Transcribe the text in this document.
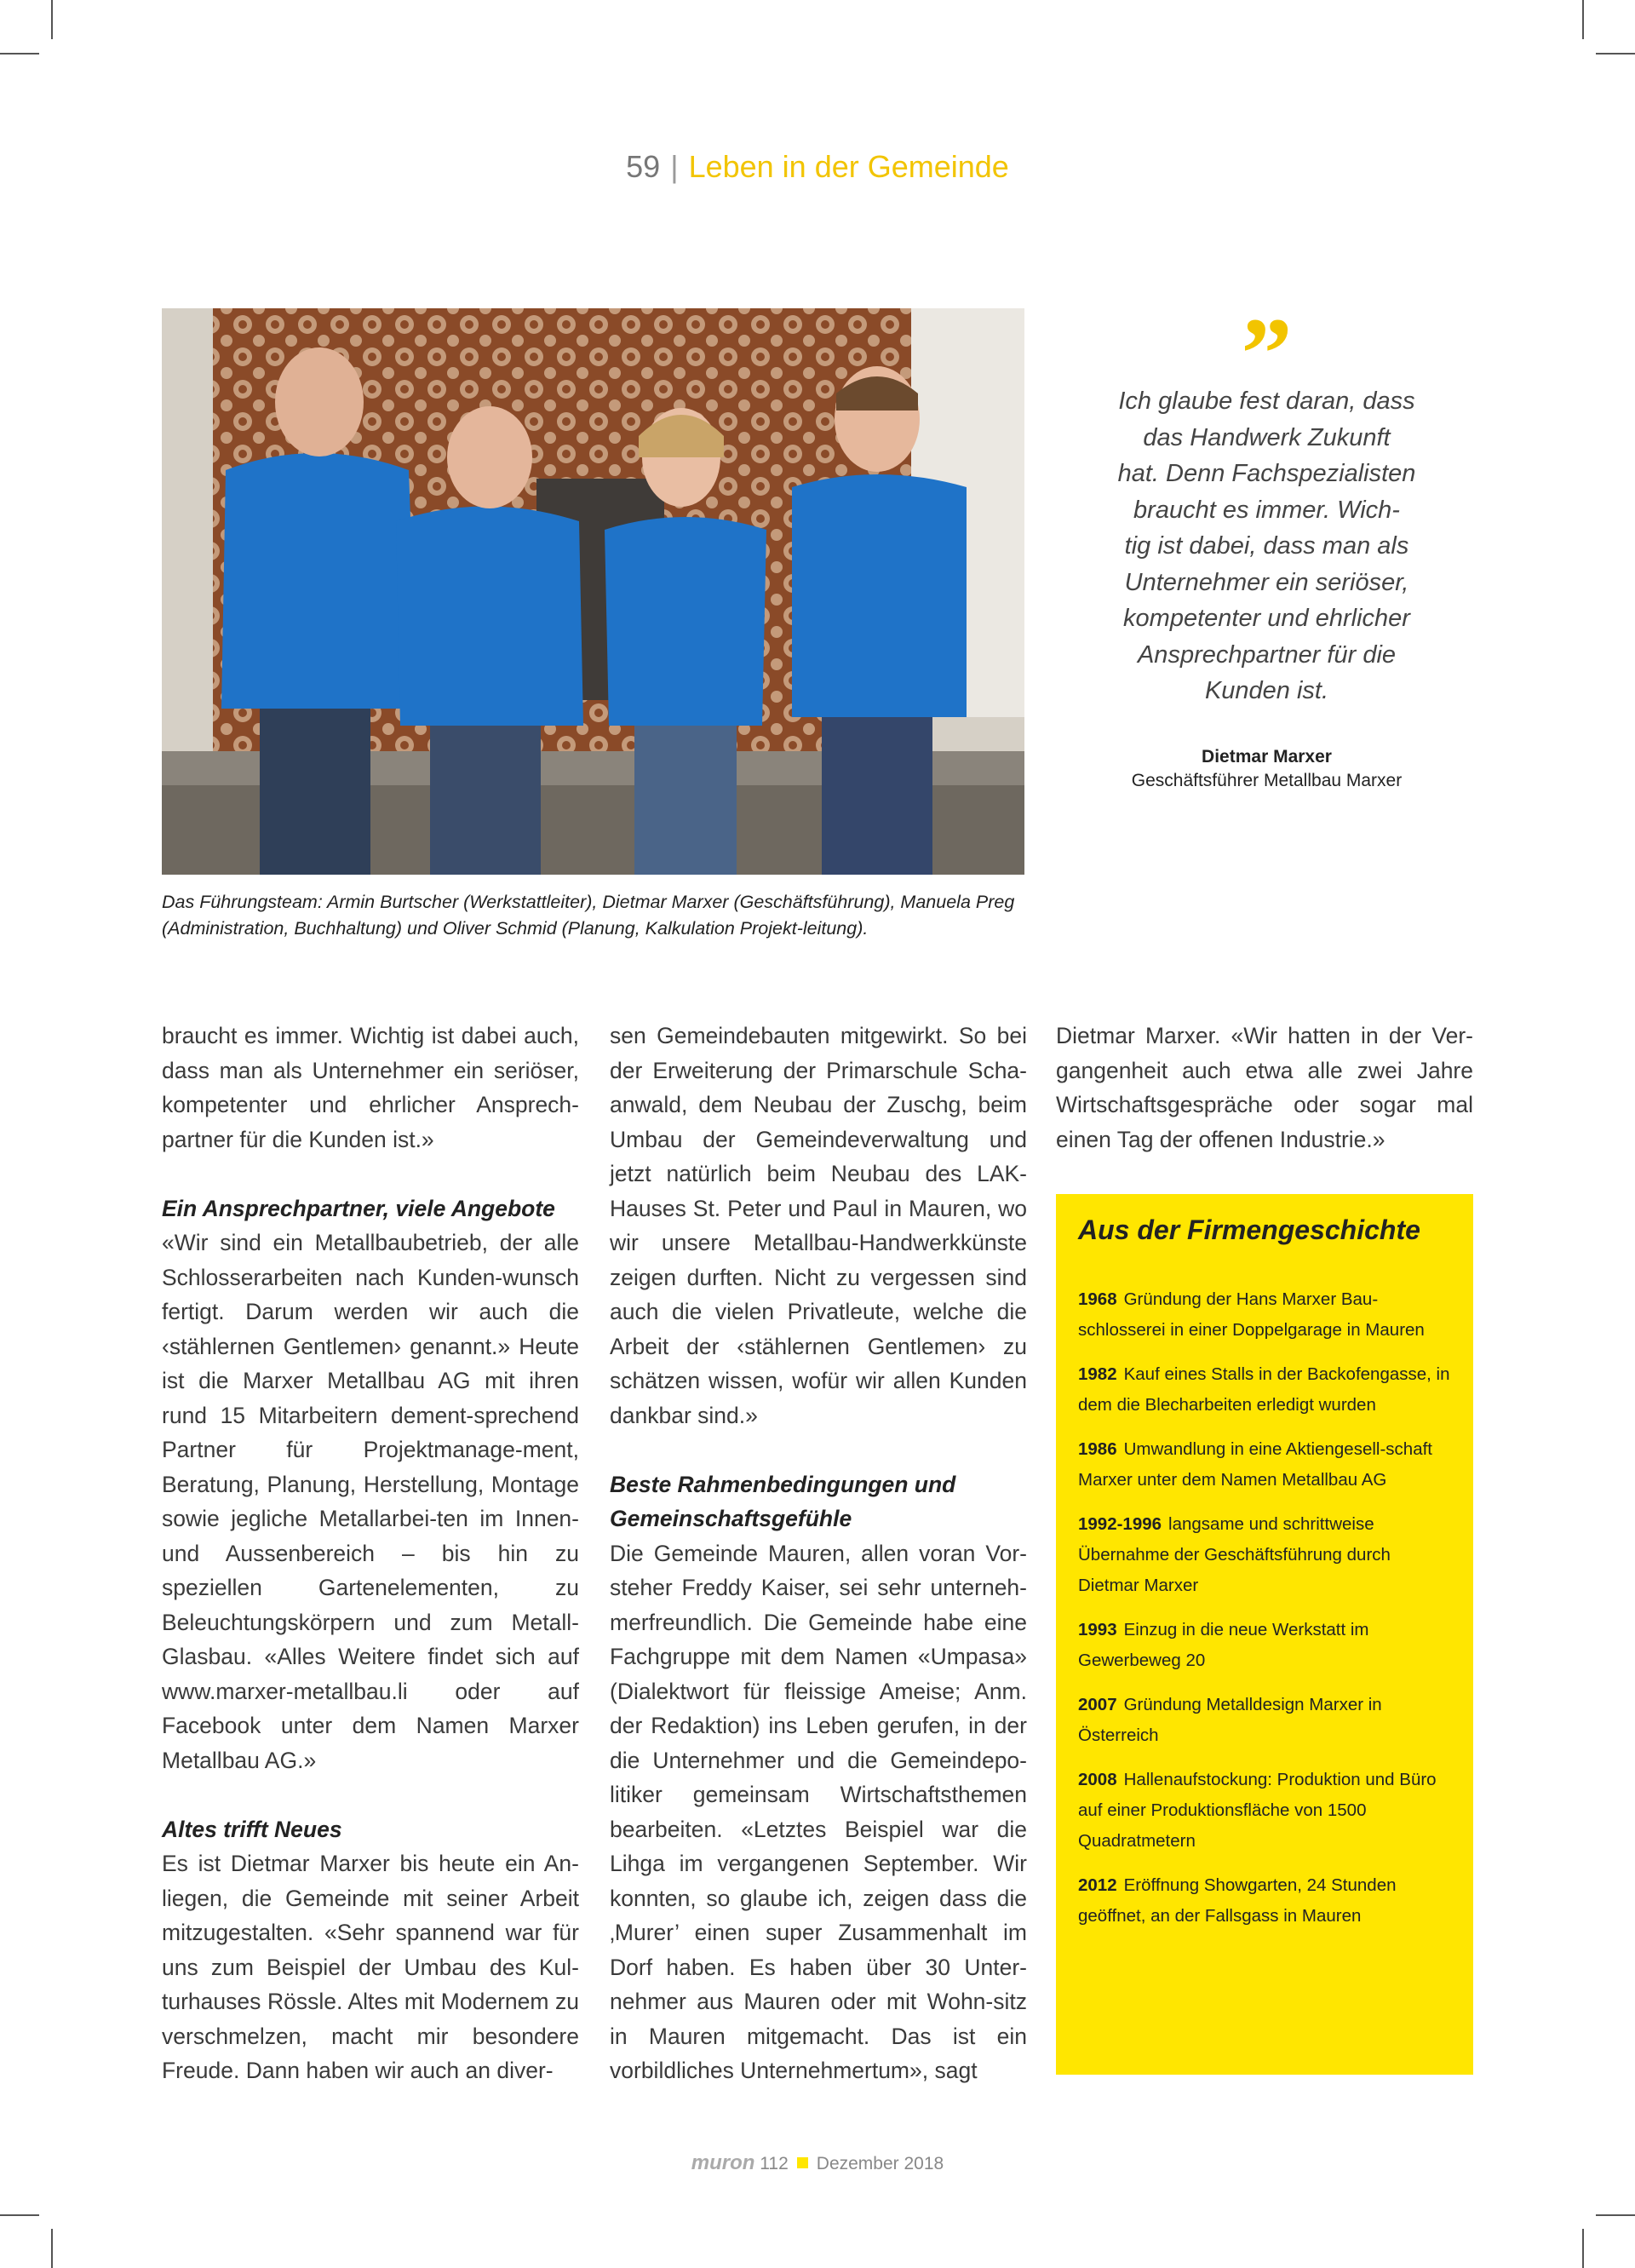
59 | Leben in der Gemeinde
Das Führungsteam: Armin Burtscher (Werkstattleiter), Dietmar Marxer (Geschäftsführung), Manuela Preg (Administration, Buchhaltung) und Oliver Schmid (Planung, Kalkulation Projekt-leitung).
”
Ich glaube fest daran, dass
das Handwerk Zukunft
hat. Denn Fachspezialisten
braucht es immer. Wich-
tig ist dabei, dass man als
Unternehmer ein seriöser,
kompetenter und ehrlicher
Ansprechpartner für die
Kunden ist.
Dietmar Marxer
Geschäftsführer Metallbau Marxer

braucht es immer. Wichtig ist dabei auch, dass man als Unternehmer ein seriöser, kompetenter und ehrlicher Ansprech-partner für die Kunden ist.»

Ein Ansprechpartner, viele Angebote

«Wir sind ein Metallbaubetrieb, der alle Schlosserarbeiten nach Kunden-wunsch fertigt. Darum werden wir auch die ‹stählernen Gentlemen› genannt.» Heute ist die Marxer Metallbau AG mit ihren rund 15 Mitarbeitern dement-sprechend Partner für Projektmanage-ment, Beratung, Planung, Herstellung, Montage sowie jegliche Metallarbei-ten im Innen- und Aussenbereich – bis hin zu speziellen Gartenelementen, zu Beleuchtungskörpern und zum Metall-Glasbau. «Alles Weitere findet sich auf www.marxer-metallbau.li oder auf Facebook unter dem Namen Marxer Metallbau AG.»

Altes trifft Neues

Es ist Dietmar Marxer bis heute ein An-liegen, die Gemeinde mit seiner Arbeit mitzugestalten. «Sehr spannend war für uns zum Beispiel der Umbau des Kul-turhauses Rössle. Altes mit Modernem zu verschmelzen, macht mir besondere Freude. Dann haben wir auch an diver-

sen Gemeindebauten mitgewirkt. So bei der Erweiterung der Primarschule Scha-anwald, dem Neubau der Zuschg, beim Umbau der Gemeindeverwaltung und jetzt natürlich beim Neubau des LAK-Hauses St. Peter und Paul in Mauren, wo wir unsere Metallbau-Handwerkkünste zeigen durften. Nicht zu vergessen sind auch die vielen Privatleute, welche die Arbeit der ‹stählernen Gentlemen› zu schätzen wissen, wofür wir allen Kunden dankbar sind.»

Beste Rahmenbedingungen und Gemeinschaftsgefühle

Die Gemeinde Mauren, allen voran Vor-steher Freddy Kaiser, sei sehr unterneh-merfreundlich. Die Gemeinde habe eine Fachgruppe mit dem Namen «Umpasa» (Dialektwort für fleissige Ameise; Anm. der Redaktion) ins Leben gerufen, in der die Unternehmer und die Gemeindepo-litiker gemeinsam Wirtschaftsthemen bearbeiten. «Letztes Beispiel war die Lihga im vergangenen September. Wir konnten, so glaube ich, zeigen dass die ‚Murer’ einen super Zusammenhalt im Dorf haben. Es haben über 30 Unter-nehmer aus Mauren oder mit Wohn-sitz in Mauren mitgemacht. Das ist ein vorbildliches Unternehmertum», sagt

Dietmar Marxer. «Wir hatten in der Ver-gangenheit auch etwa alle zwei Jahre Wirtschaftsgespräche oder sogar mal einen Tag der offenen Industrie.»

Aus der Firmengeschichte
1968 Gründung der Hans Marxer Bau-schlosserei in einer Doppelgarage in Mauren
1982 Kauf eines Stalls in der Backofengasse, in dem die Blecharbeiten erledigt wurden
1986 Umwandlung in eine Aktiengesell-schaft Marxer unter dem Namen Metallbau AG
1992-1996 langsame und schrittweise Übernahme der Geschäftsführung durch Dietmar Marxer
1993 Einzug in die neue Werkstatt im Gewerbeweg 20
2007 Gründung Metalldesign Marxer in Österreich
2008 Hallenaufstockung: Produktion und Büro auf einer Produktionsfläche von 1500 Quadratmetern
2012 Eröffnung Showgarten, 24 Stunden geöffnet, an der Fallsgass in Mauren
muron 112 Dezember 2018
